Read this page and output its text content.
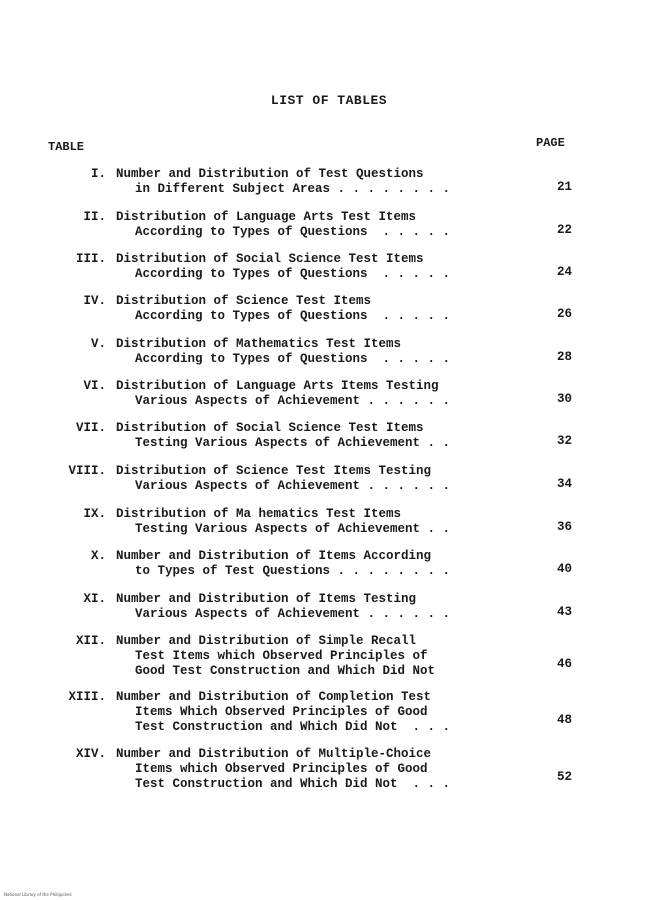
LIST OF TABLES
TABLE	PAGE
I. Number and Distribution of Test Questions
in Different Subject Areas . . . . . . . .	21
II. Distribution of Language Arts Test Items
According to Types of Questions  . . . . .	22
III. Distribution of Social Science Test Items
According to Types of Questions  . . . . .	24
IV. Distribution of Science Test Items
According to Types of Questions  . . . . .	26
V. Distribution of Mathematics Test Items
According to Types of Questions  . . . . .	28
VI. Distribution of Language Arts Items Testing
Various Aspects of Achievement . . . . . .	30
VII. Distribution of Social Science Test Items
Testing Various Aspects of Achievement . .	32
VIII. Distribution of Science Test Items Testing
Various Aspects of Achievement . . . . . .	34
IX. Distribution of Ma hematics Test Items
Testing Various Aspects of Achievement . .	36
X. Number and Distribution of Items According
to Types of Test Questions . . . . . . . .	40
XI. Number and Distribution of Items Testing
Various Aspects of Achievement . . . . . .	43
XII. Number and Distribution of Simple Recall
Test Items which Observed Principles of
Good Test Construction and Which Did Not	46
XIII. Number and Distribution of Completion Test
Items Which Observed Principles of Good
Test Construction and Which Did Not  . . .	48
XIV. Number and Distribution of Multiple-Choice
Items which Observed Principles of Good
Test Construction and Which Did Not  . . .	52
National Library of the Philippines
